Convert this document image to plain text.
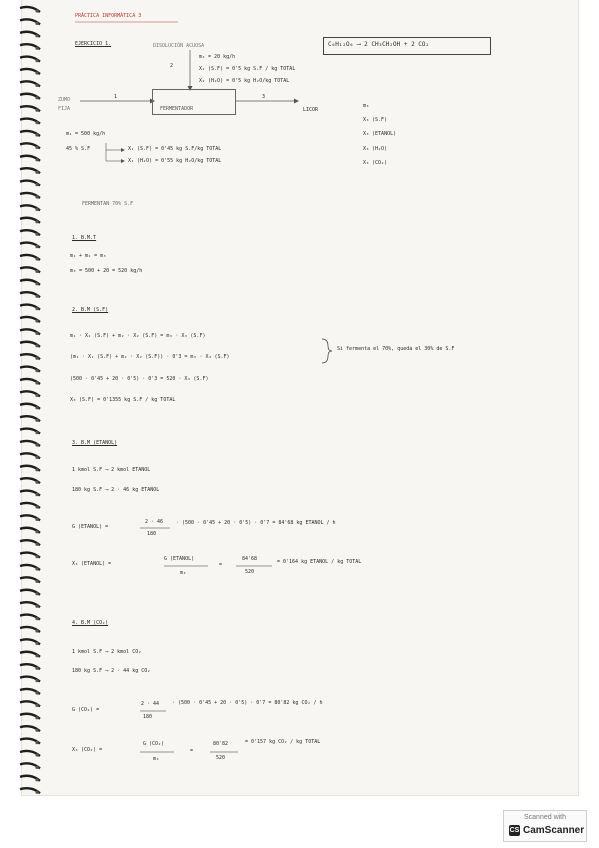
PRÁCTICA INFORMÁTICA 3
EJERCICIO 1.	DISOLUCIÓN ACUOSA
2
m₂ = 20 kg/h
X₂ (S.F) = 0'5 kg S.F / kg TOTAL
X₂ (H₂O) = 0'5 kg H₂O/kg TOTAL
C₆H₁₂O₆ ⟶ 2 CH₃CH₂OH + 2 CO₂
ZUMO
FIJA
1
FERMENTADOR
3
LICOR
m₁ = 500 kg/h
45 % S.F	X₁ (S.F) = 0'45 kg S.F/kg TOTAL
X₁ (H₂O) = 0'55 kg H₂O/kg TOTAL
m₃
X₃ (S.F)
X₃ (ETANOL)
X₃ (H₂O)
X₃ (CO₂)
FERMENTAN 70% S.F
1. B.M.T
m₁ + m₂ = m₃
m₃ = 500 + 20 = 520 kg/h
2. B.M (S.F)
m₁ · X₁ (S.F) + m₂ · X₂ (S.F) = m₃ · X₃ (S.F)
(m₁ · X₁ (S.F) + m₂ · X₂ (S.F)) · 0'3 = m₃ · X₃ (S.F)
(500 · 0'45 + 20 · 0'5) · 0'3 = 520 · X₃ (S.F)
X₃ (S.F) = 0'1355 kg S.F / kg TOTAL
Si fermenta el 70%, queda el 30% de S.F
3. B.M (ETANOL)
1 kmol S.F ⟶ 2 kmol ETANOL
180 kg S.F ⟶ 2 · 46 kg ETANOL
G (ETANOL) =
2 · 46
180
· (500 · 0'45 + 20 · 0'5) · 0'7 = 84'68 kg ETANOL / h
X₃ (ETANOL) =
G (ETANOL)
m₃
=
84'68
520
= 0'164 kg ETANOL / kg TOTAL
4. B.M (CO₂)
1 kmol S.F ⟶ 2 kmol CO₂
180 kg S.F ⟶ 2 · 44 kg CO₂
G (CO₂) =
2 · 44
180
· (500 · 0'45 + 20 · 0'5) · 0'7 = 80'82 kg CO₂ / h
X₃ (CO₂) =
G (CO₂)
m₃
=
80'82
520
= 0'157 kg CO₂ / kg TOTAL
Scanned with
CS CamScanner
